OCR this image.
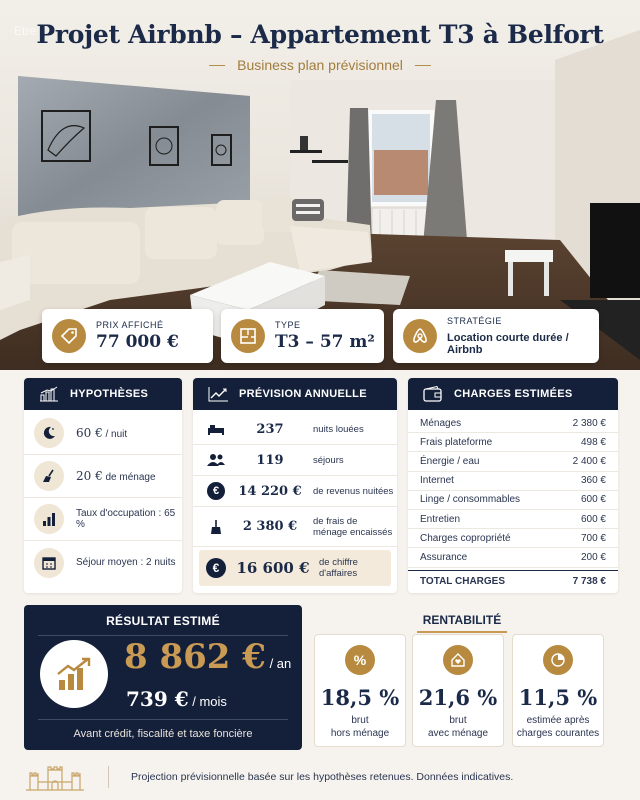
Etre Projet Airbnb – Appartement T3 à Belfort
Business plan prévisionnel
PRIX AFFICHÉ
77 000 €
TYPE
T3 – 57 m²
STRATÉGIE
Location courte durée / Airbnb
HYPOTHÈSES
60 € / nuit
20 € de ménage
Taux d'occupation : 65 %
Séjour moyen : 2 nuits
PRÉVISION ANNUELLE
237	nuits louées
119	séjours
€	14 220 €	de revenus nuitées
2 380 €	de frais de ménage encaissés
€	16 600 € de chiffre d'affaires
CHARGES ESTIMÉES
Ménages	2 380 €
Frais plateforme	498 €
Énergie / eau	2 400 €
Internet	360 €
Linge / consommables	600 €
Entretien	600 €
Charges copropriété	700 €
Assurance	200 €
TOTAL CHARGES	7 738 €
RÉSULTAT ESTIMÉ
8 862 € / an
739 € / mois
Avant crédit, fiscalité et taxe foncière
RENTABILITÉ
%
18,5 %
brut
hors ménage
21,6 %
brut
avec ménage
11,5 %
estimée après
charges courantes
Projection prévisionnelle basée sur les hypothèses retenues. Données indicatives.
